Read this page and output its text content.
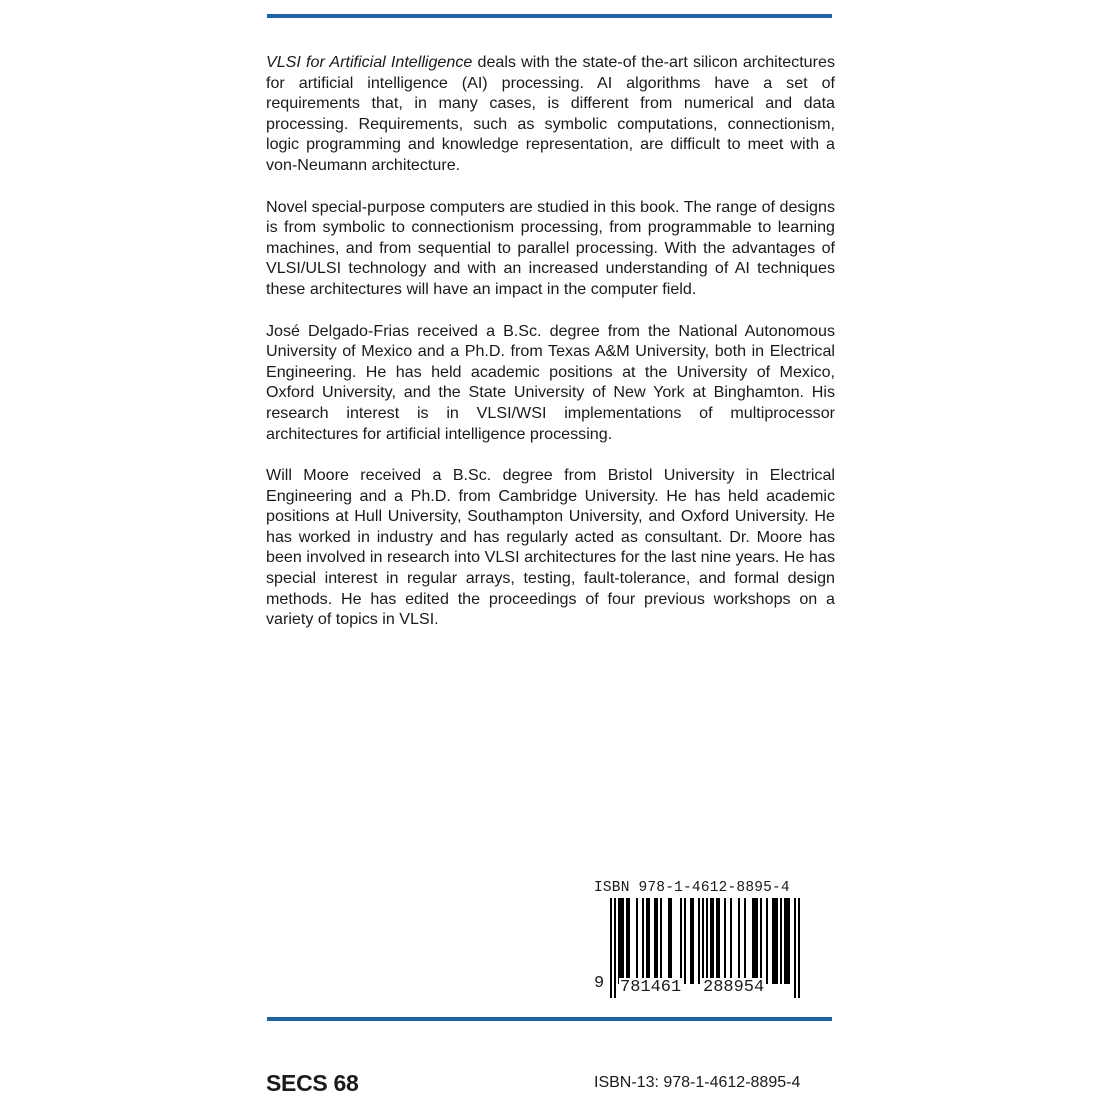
VLSI for Artificial Intelligence deals with the state-of the-art silicon architectures for artificial intelligence (AI) processing. AI algorithms have a set of requirements that, in many cases, is different from numerical and data processing. Requirements, such as symbolic computations, connectionism, logic programming and knowledge representation, are difficult to meet with a von-Neumann architecture.

Novel special-purpose computers are studied in this book. The range of designs is from symbolic to connectionism processing, from programmable to learning machines, and from sequential to parallel processing. With the advantages of VLSI/ULSI technology and with an increased understanding of AI techniques these architectures will have an impact in the computer field.

José Delgado-Frias received a B.Sc. degree from the National Autonomous University of Mexico and a Ph.D. from Texas A&M University, both in Electrical Engineering. He has held academic positions at the University of Mexico, Oxford University, and the State University of New York at Binghamton. His research interest is in VLSI/WSI implementations of multiprocessor architectures for artificial intelligence processing.

Will Moore received a B.Sc. degree from Bristol University in Electrical Engineering and a Ph.D. from Cambridge University. He has held academic positions at Hull University, Southampton University, and Oxford University. He has worked in industry and has regularly acted as consultant. Dr. Moore has been involved in research into VLSI architectures for the last nine years. He has special interest in regular arrays, testing, fault-tolerance, and formal design methods. He has edited the proceedings of four previous workshops on a variety of topics in VLSI.

ISBN 978-1-4612-8895-4
9 781461 288954
SECS 68	ISBN-13: 978-1-4612-8895-4
